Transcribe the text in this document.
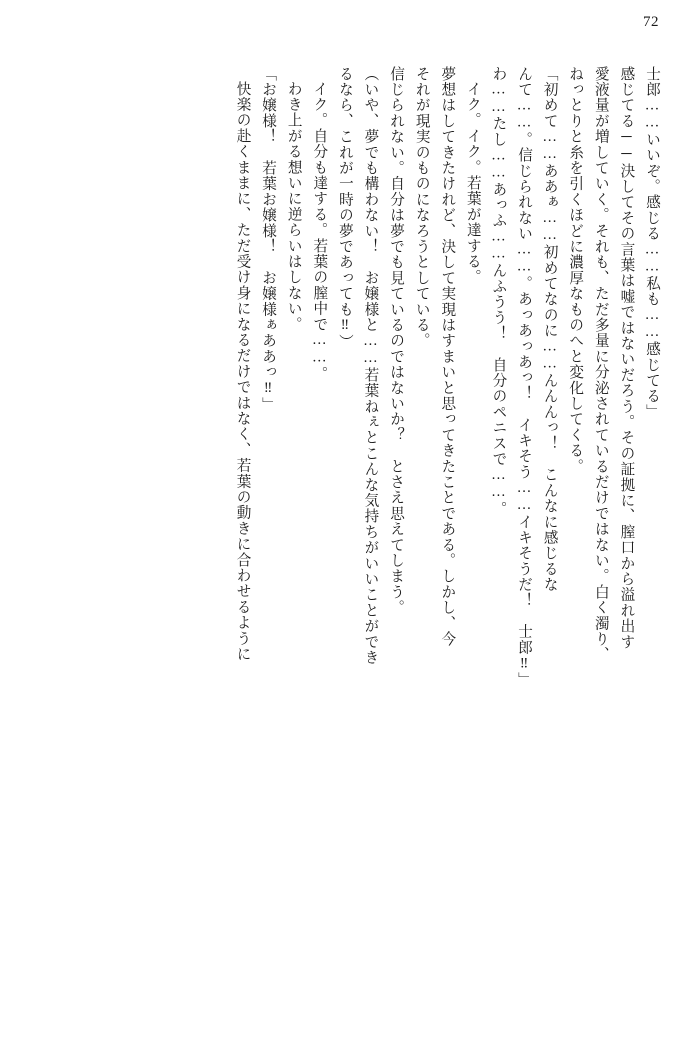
72
士郎……いいぞ。感じる……私も……感じてる」
感じてる──決してその言葉は嘘ではないだろう。その証拠に、膣口から溢れ出す
愛液量が増していく。それも、ただ多量に分泌されているだけではない。白く濁り、
ねっとりと糸を引くほどに濃厚なものへと変化してくる。
「初めて……ああぁ……初めてなのに……んんんっ！　こんなに感じるな
んて……。信じられない……。あっあっあっ！　イキそう……イキそうだ！　士郎‼」
わ……たし……あっふ……んふうう！　自分のペニスで……。
イク。イク。若葉が達する。
夢想はしてきたけれど、決して実現はすまいと思ってきたことである。しかし、今
それが現実のものになろうとしている。
信じられない。自分は夢でも見ているのではないか？　とさえ思えてしまう。
（いや、夢でも構わない！　お嬢様と……若葉ねぇとこんな気持ちがいいことができ
るなら、これが一時の夢であっても‼）
イク。自分も達する。若葉の膣中で……。
わき上がる想いに逆らいはしない。
「お嬢様！　若葉お嬢様！　お嬢様ぁああっ‼」
快楽の赴くままに、ただ受け身になるだけではなく、若葉の動きに合わせるように
